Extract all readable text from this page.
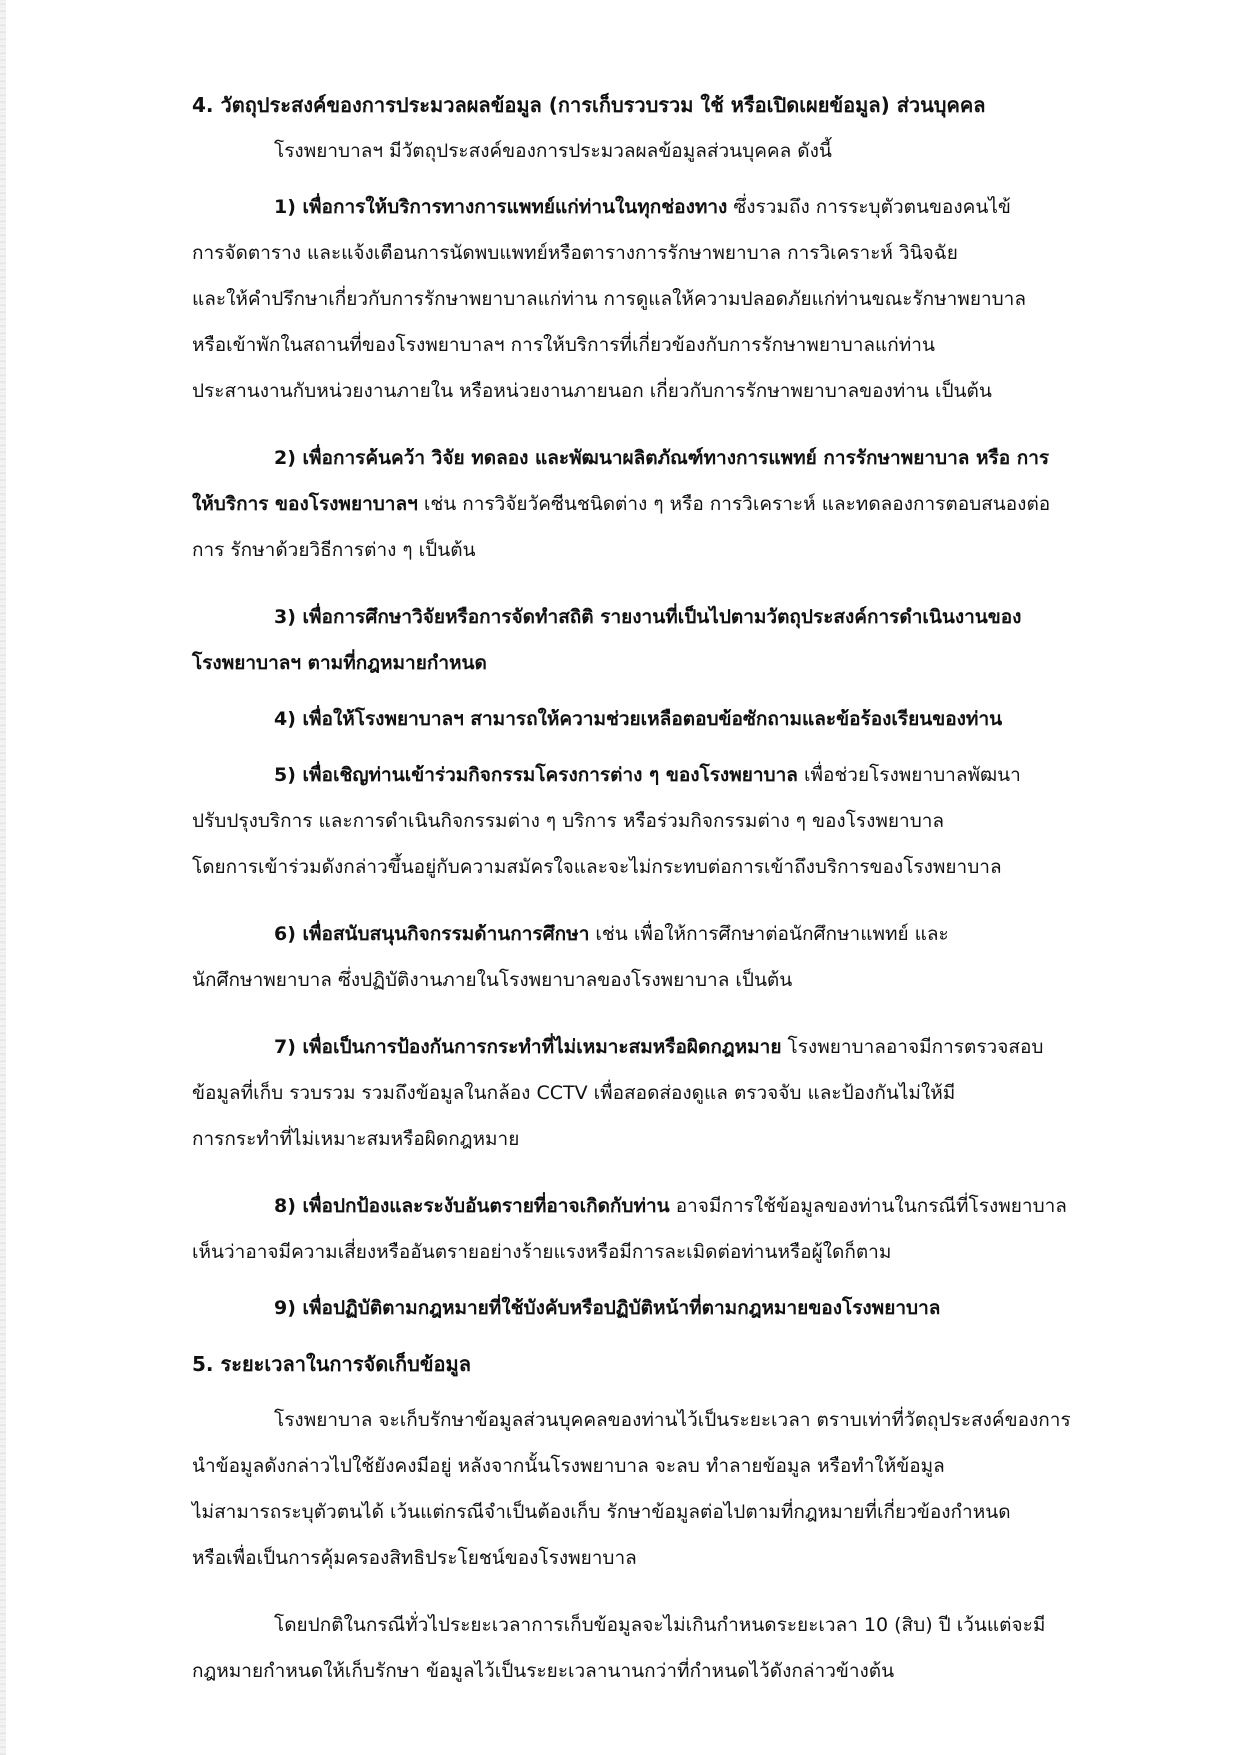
4. วัตถุประสงค์ของการประมวลผลข้อมูล (การเก็บรวบรวม ใช้ หรือเปิดเผยข้อมูล) ส่วนบุคคล
โรงพยาบาลฯ มีวัตถุประสงค์ของการประมวลผลข้อมูลส่วนบุคคล ดังนี้
1) เพื่อการให้บริการทางการแพทย์แก่ท่านในทุกช่องทาง ซึ่งรวมถึง การระบุตัวตนของคนไข้
การจัดตาราง และแจ้งเตือนการนัดพบแพทย์หรือตารางการรักษาพยาบาล การวิเคราะห์ วินิจฉัย
และให้คำปรึกษาเกี่ยวกับการรักษาพยาบาลแก่ท่าน การดูแลให้ความปลอดภัยแก่ท่านขณะรักษาพยาบาล
หรือเข้าพักในสถานที่ของโรงพยาบาลฯ การให้บริการที่เกี่ยวข้องกับการรักษาพยาบาลแก่ท่าน
ประสานงานกับหน่วยงานภายใน หรือหน่วยงานภายนอก เกี่ยวกับการรักษาพยาบาลของท่าน เป็นต้น
2) เพื่อการค้นคว้า วิจัย ทดลอง และพัฒนาผลิตภัณฑ์ทางการแพทย์ การรักษาพยาบาล หรือ การ
ให้บริการ ของโรงพยาบาลฯ เช่น การวิจัยวัคซีนชนิดต่าง ๆ หรือ การวิเคราะห์ และทดลองการตอบสนองต่อ
การ รักษาด้วยวิธีการต่าง ๆ เป็นต้น
3) เพื่อการศึกษาวิจัยหรือการจัดทำสถิติ รายงานที่เป็นไปตามวัตถุประสงค์การดำเนินงานของ
โรงพยาบาลฯ ตามที่กฎหมายกำหนด
4) เพื่อให้โรงพยาบาลฯ สามารถให้ความช่วยเหลือตอบข้อซักถามและข้อร้องเรียนของท่าน
5) เพื่อเชิญท่านเข้าร่วมกิจกรรมโครงการต่าง ๆ ของโรงพยาบาล เพื่อช่วยโรงพยาบาลพัฒนา
ปรับปรุงบริการ และการดำเนินกิจกรรมต่าง ๆ บริการ หรือร่วมกิจกรรมต่าง ๆ ของโรงพยาบาล
โดยการเข้าร่วมดังกล่าวขึ้นอยู่กับความสมัครใจและจะไม่กระทบต่อการเข้าถึงบริการของโรงพยาบาล
6) เพื่อสนับสนุนกิจกรรมด้านการศึกษา เช่น เพื่อให้การศึกษาต่อนักศึกษาแพทย์ และ
นักศึกษาพยาบาล ซึ่งปฏิบัติงานภายในโรงพยาบาลของโรงพยาบาล เป็นต้น
7) เพื่อเป็นการป้องกันการกระทำที่ไม่เหมาะสมหรือผิดกฎหมาย โรงพยาบาลอาจมีการตรวจสอบ
ข้อมูลที่เก็บ รวบรวม รวมถึงข้อมูลในกล้อง CCTV เพื่อสอดส่องดูแล ตรวจจับ และป้องกันไม่ให้มี
การกระทำที่ไม่เหมาะสมหรือผิดกฎหมาย
8) เพื่อปกป้องและระงับอันตรายที่อาจเกิดกับท่าน อาจมีการใช้ข้อมูลของท่านในกรณีที่โรงพยาบาล
เห็นว่าอาจมีความเสี่ยงหรืออันตรายอย่างร้ายแรงหรือมีการละเมิดต่อท่านหรือผู้ใดก็ตาม
9) เพื่อปฏิบัติตามกฎหมายที่ใช้บังคับหรือปฏิบัติหน้าที่ตามกฎหมายของโรงพยาบาล
5. ระยะเวลาในการจัดเก็บข้อมูล
โรงพยาบาล จะเก็บรักษาข้อมูลส่วนบุคคลของท่านไว้เป็นระยะเวลา ตราบเท่าที่วัตถุประสงค์ของการ
นำข้อมูลดังกล่าวไปใช้ยังคงมีอยู่ หลังจากนั้นโรงพยาบาล จะลบ ทำลายข้อมูล หรือทำให้ข้อมูล
ไม่สามารถระบุตัวตนได้ เว้นแต่กรณีจำเป็นต้องเก็บ รักษาข้อมูลต่อไปตามที่กฎหมายที่เกี่ยวข้องกำหนด
หรือเพื่อเป็นการคุ้มครองสิทธิประโยชน์ของโรงพยาบาล
โดยปกติในกรณีทั่วไประยะเวลาการเก็บข้อมูลจะไม่เกินกำหนดระยะเวลา 10 (สิบ) ปี เว้นแต่จะมี
กฎหมายกำหนดให้เก็บรักษา ข้อมูลไว้เป็นระยะเวลานานกว่าที่กำหนดไว้ดังกล่าวข้างต้น
